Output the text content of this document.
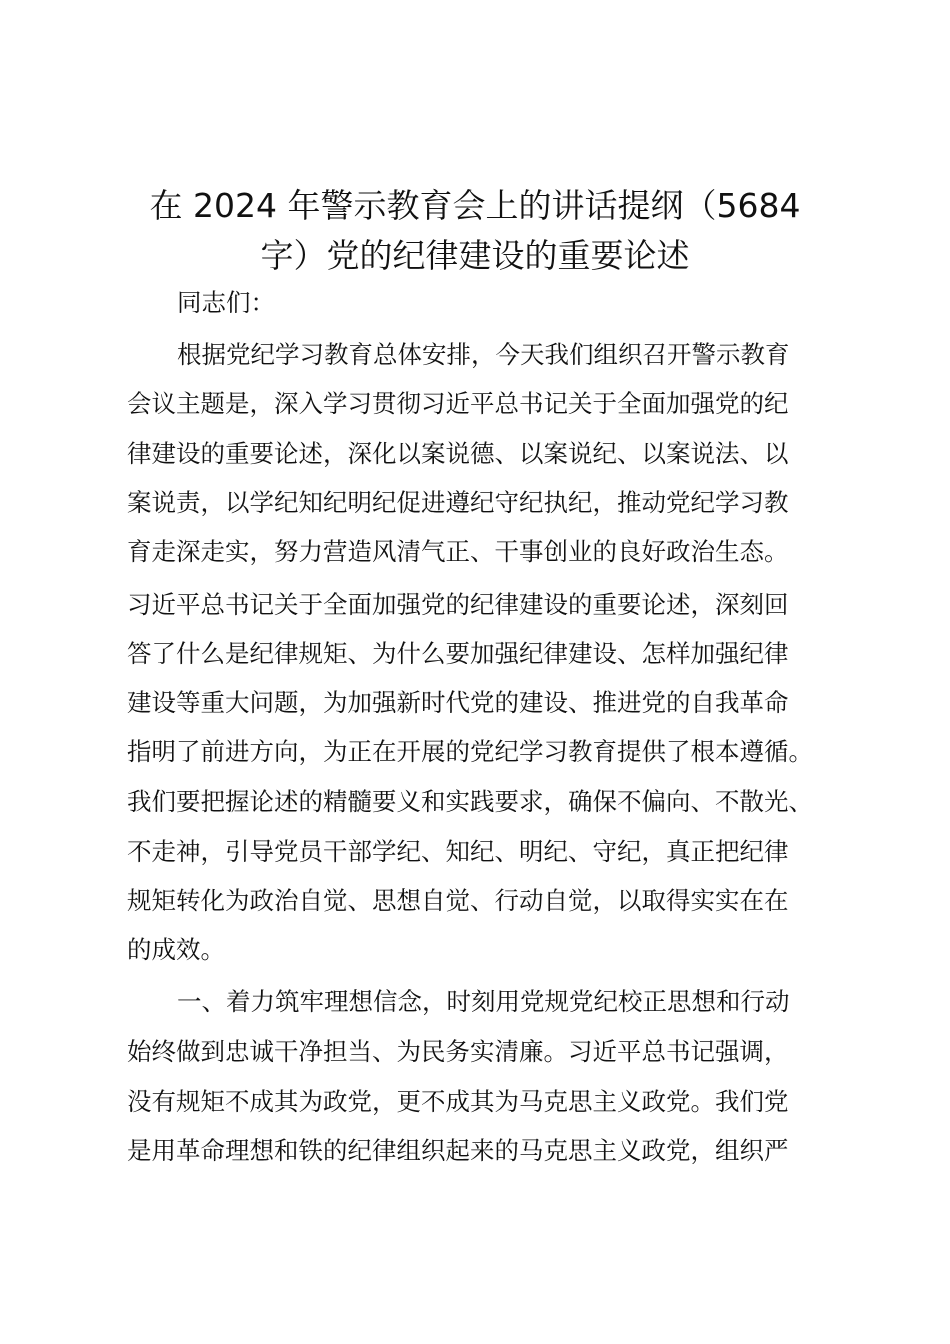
在 2024 年警示教育会上的讲话提纲（5684
字）党的纪律建设的重要论述
同志们：
根据党纪学习教育总体安排，今天我们组织召开警示教育
会议主题是，深入学习贯彻习近平总书记关于全面加强党的纪
律建设的重要论述，深化以案说德、以案说纪、以案说法、以
案说责，以学纪知纪明纪促进遵纪守纪执纪，推动党纪学习教
育走深走实，努力营造风清气正、干事创业的良好政治生态。
习近平总书记关于全面加强党的纪律建设的重要论述，深刻回
答了什么是纪律规矩、为什么要加强纪律建设、怎样加强纪律
建设等重大问题，为加强新时代党的建设、推进党的自我革命
指明了前进方向，为正在开展的党纪学习教育提供了根本遵循。
我们要把握论述的精髓要义和实践要求，确保不偏向、不散光、
不走神，引导党员干部学纪、知纪、明纪、守纪，真正把纪律
规矩转化为政治自觉、思想自觉、行动自觉，以取得实实在在
的成效。
一、着力筑牢理想信念，时刻用党规党纪校正思想和行动
始终做到忠诚干净担当、为民务实清廉。习近平总书记强调，
没有规矩不成其为政党，更不成其为马克思主义政党。我们党
是用革命理想和铁的纪律组织起来的马克思主义政党，组织严
